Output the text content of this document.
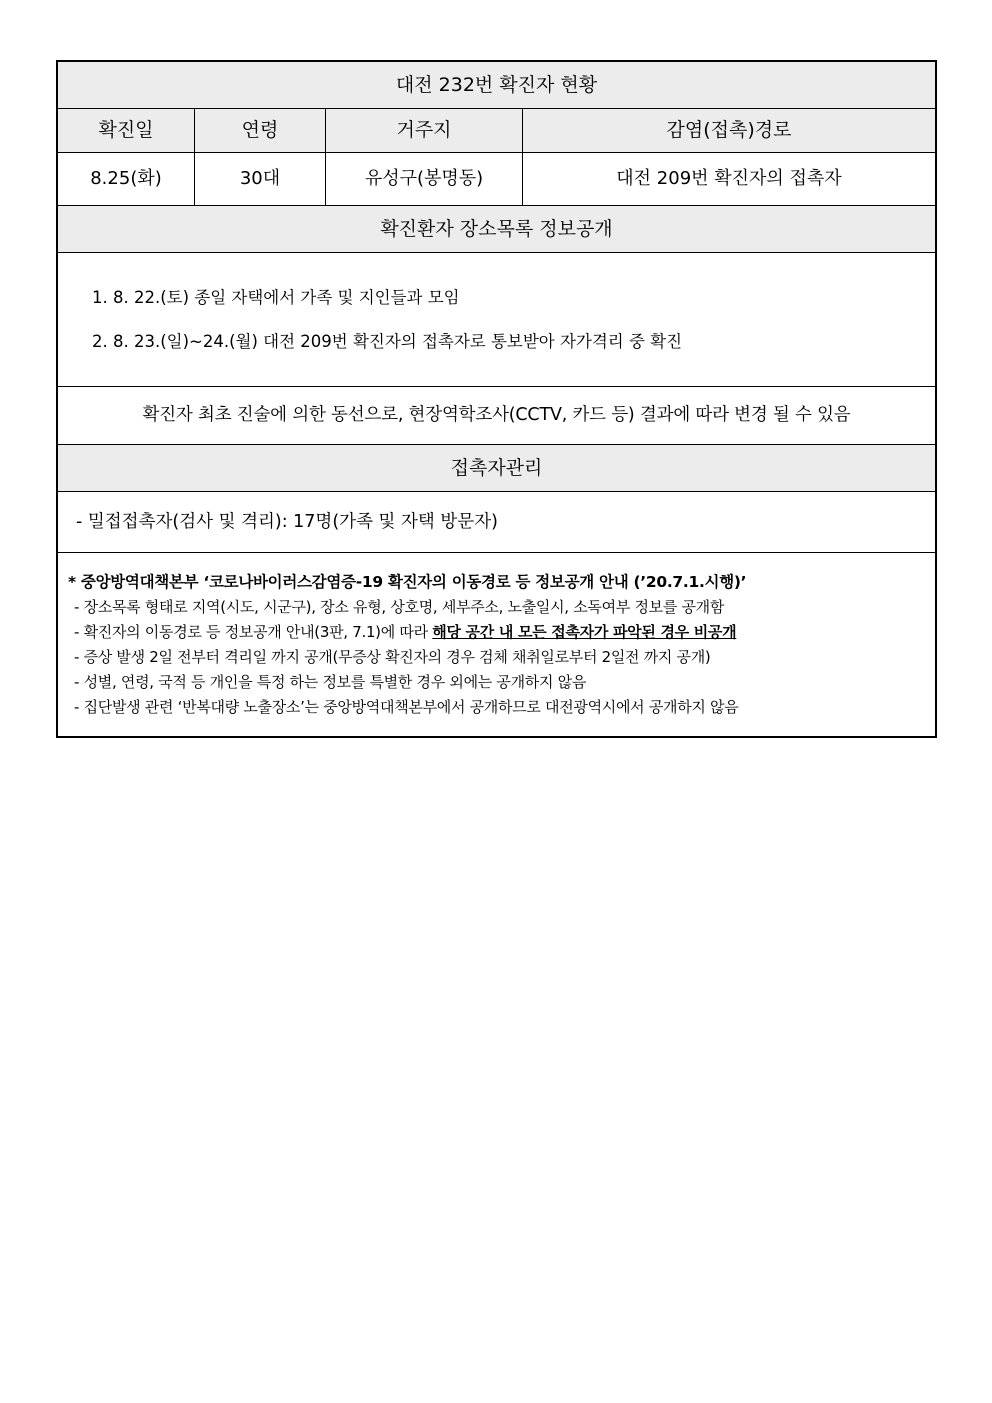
대전 232번 확진자 현황
확진일	연령	거주지	감염(접촉)경로
8.25(화)	30대	유성구(봉명동)	대전 209번 확진자의 접촉자
확진환자 장소목록 정보공개
1. 8. 22.(토) 종일 자택에서 가족 및 지인들과 모임
2. 8. 23.(일)~24.(월) 대전 209번 확진자의 접촉자로 통보받아 자가격리 중 확진
확진자 최초 진술에 의한 동선으로, 현장역학조사(CCTV, 카드 등) 결과에 따라 변경 될 수 있음
접촉자관리
- 밀접접촉자(검사 및 격리): 17명(가족 및 자택 방문자)
* 중앙방역대책본부 ‘코로나바이러스감염증-19 확진자의 이동경로 등 정보공개 안내 (’20.7.1.시행)’
- 장소목록 형태로 지역(시도, 시군구), 장소 유형, 상호명, 세부주소, 노출일시, 소독여부 정보를 공개함
- 확진자의 이동경로 등 정보공개 안내(3판, 7.1)에 따라 해당 공간 내 모든 접촉자가 파악된 경우 비공개
- 증상 발생 2일 전부터 격리일 까지 공개(무증상 확진자의 경우 검체 채취일로부터 2일전 까지 공개)
- 성별, 연령, 국적 등 개인을 특정 하는 정보를 특별한 경우 외에는 공개하지 않음
- 집단발생 관련 ‘반복대량 노출장소’는 중앙방역대책본부에서 공개하므로 대전광역시에서 공개하지 않음
